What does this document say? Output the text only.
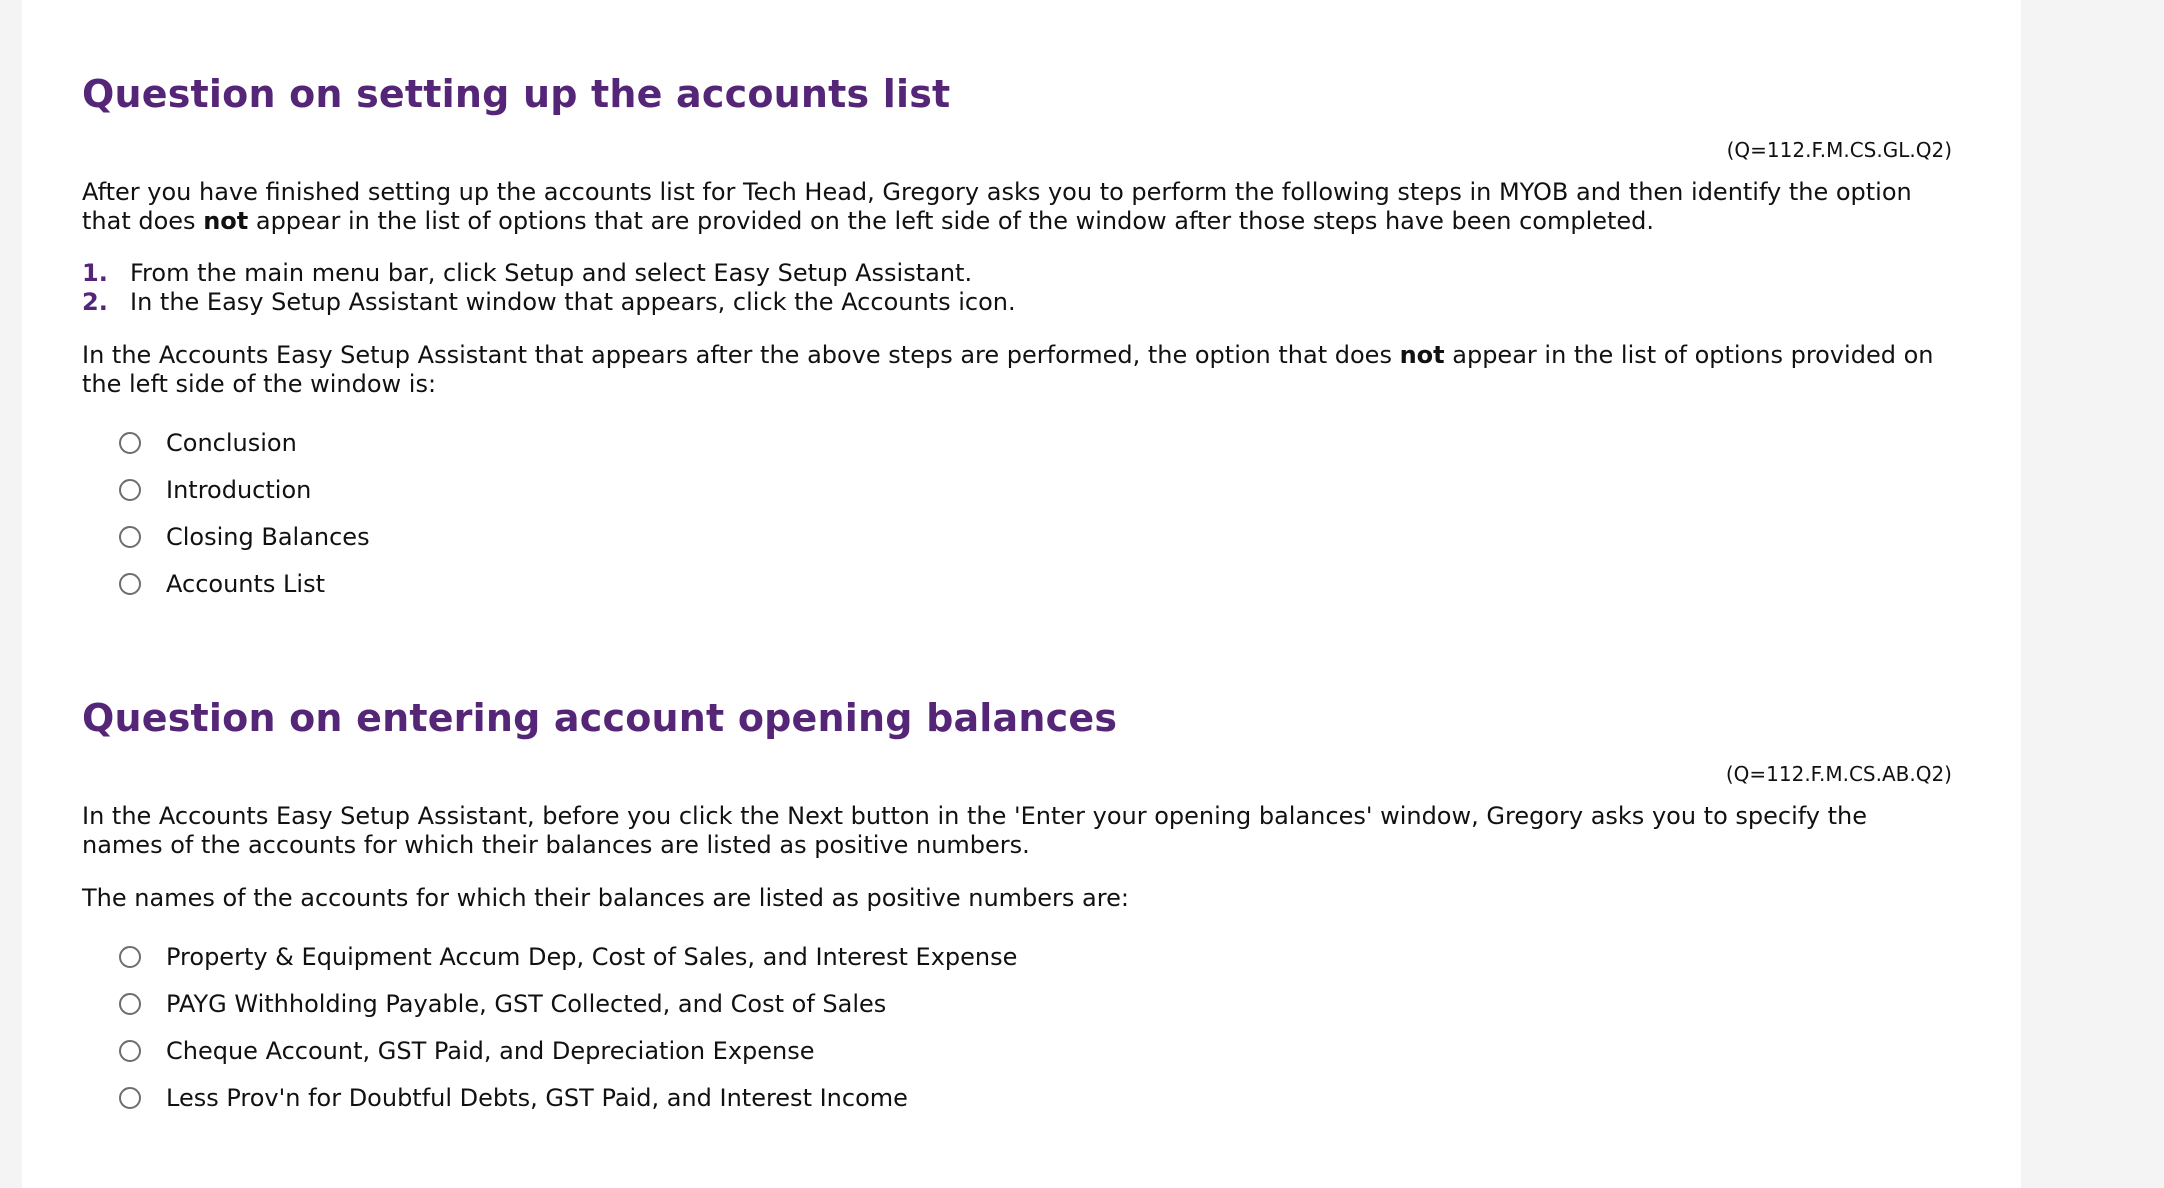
Question on setting up the accounts list
(Q=112.F.M.CS.GL.Q2)

After you have finished setting up the accounts list for Tech Head, Gregory asks you to perform the following steps in MYOB and then identify the option that does not appear in the list of options that are provided on the left side of the window after those steps have been completed.

1. From the main menu bar, click Setup and select Easy Setup Assistant.
2. In the Easy Setup Assistant window that appears, click the Accounts icon.

In the Accounts Easy Setup Assistant that appears after the above steps are performed, the option that does not appear in the list of options provided on the left side of the window is:

Conclusion
Introduction
Closing Balances
Accounts List
Question on entering account opening balances
(Q=112.F.M.CS.AB.Q2)

In the Accounts Easy Setup Assistant, before you click the Next button in the 'Enter your opening balances' window, Gregory asks you to specify the names of the accounts for which their balances are listed as positive numbers.

The names of the accounts for which their balances are listed as positive numbers are:

Property & Equipment Accum Dep, Cost of Sales, and Interest Expense
PAYG Withholding Payable, GST Collected, and Cost of Sales
Cheque Account, GST Paid, and Depreciation Expense
Less Prov'n for Doubtful Debts, GST Paid, and Interest Income
